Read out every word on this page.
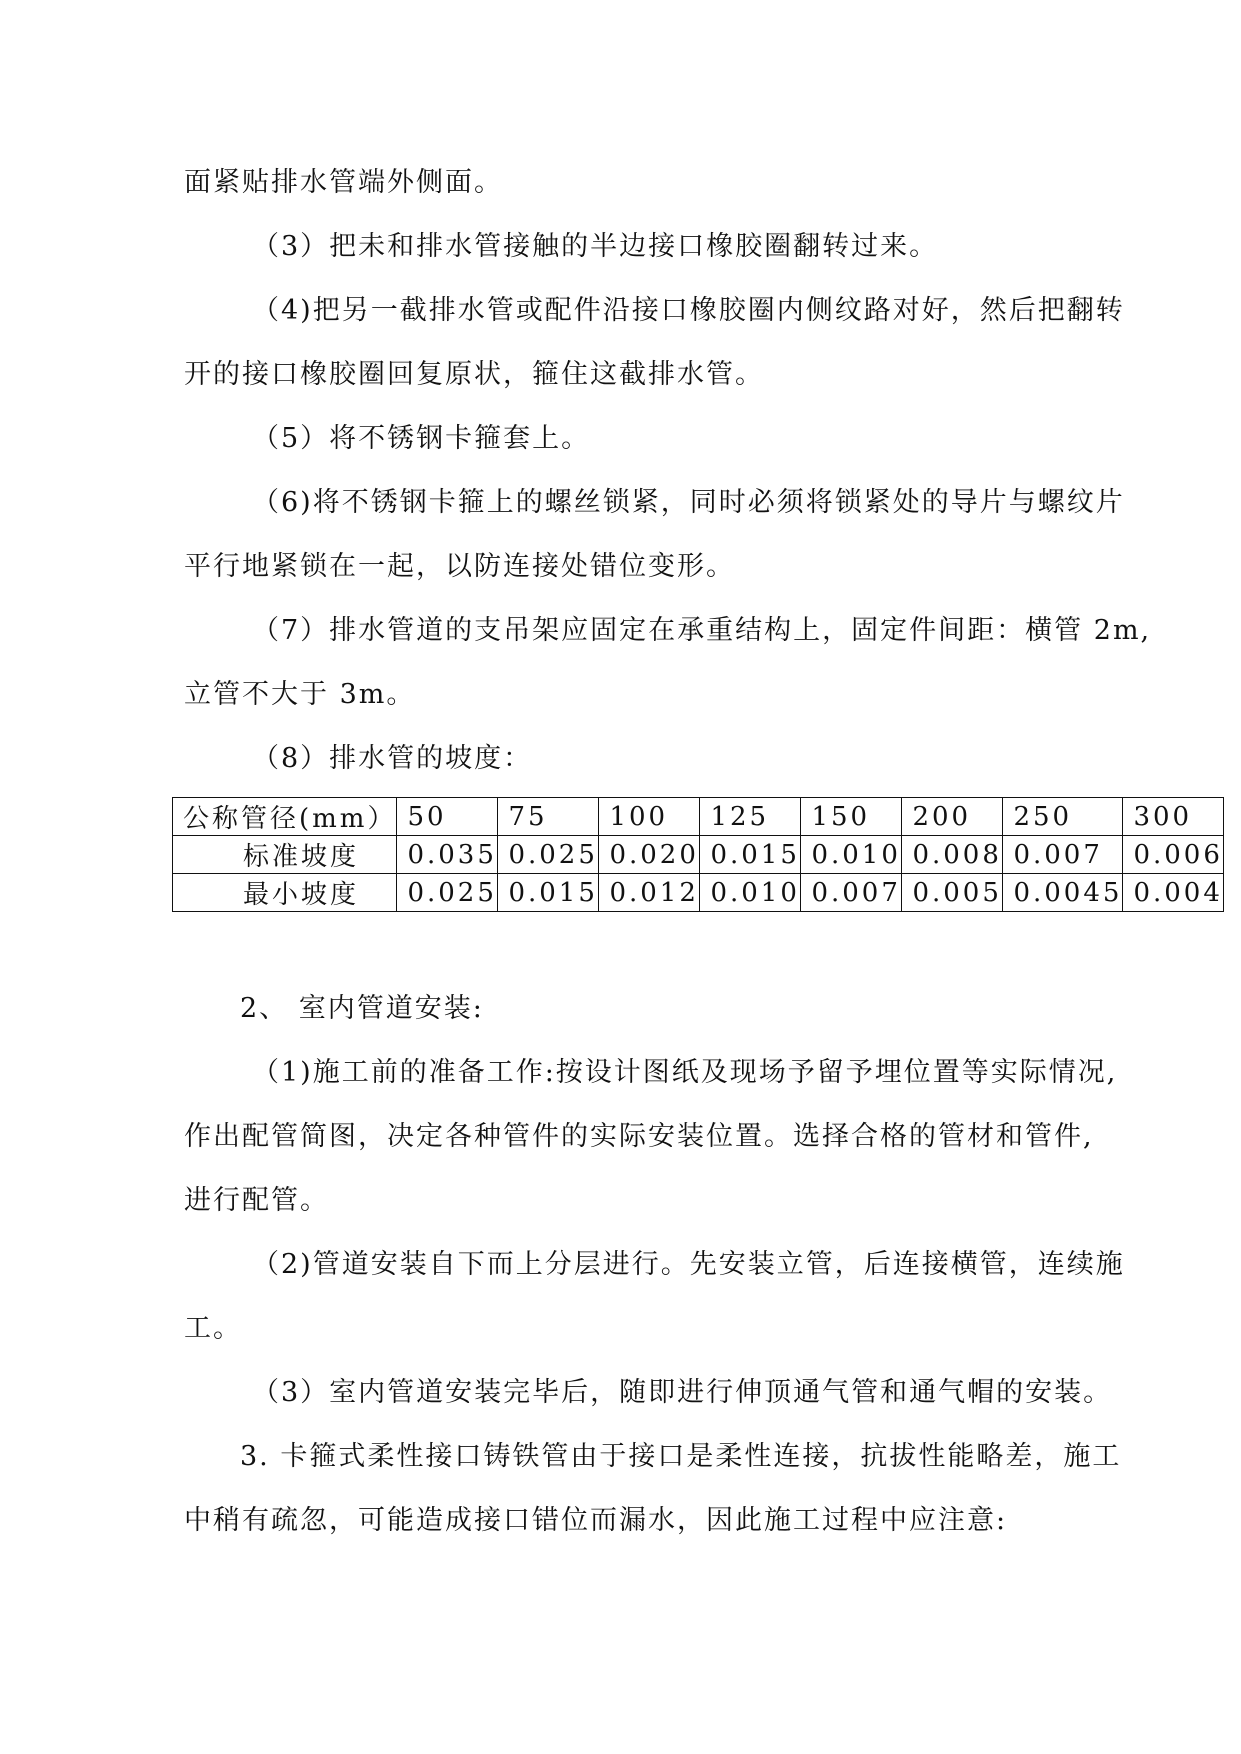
面紧贴排水管端外侧面。
（3）把未和排水管接触的半边接口橡胶圈翻转过来。
（4)把另一截排水管或配件沿接口橡胶圈内侧纹路对好，然后把翻转
开的接口橡胶圈回复原状，箍住这截排水管。
（5）将不锈钢卡箍套上。
（6)将不锈钢卡箍上的螺丝锁紧，同时必须将锁紧处的导片与螺纹片
平行地紧锁在一起，以防连接处错位变形。
（7）排水管道的支吊架应固定在承重结构上，固定件间距：横管 2m,
立管不大于 3m。
（8）排水管的坡度：
公称管径(mm）	50	75	100	125	150	200	250	300
标准坡度	0.035	0.025	0.020	0.015	0.010	0.008	0.007	0.006
最小坡度	0.025	0.015	0.012	0.010	0.007	0.005	0.0045	0.004
2、 室内管道安装:
（1)施工前的准备工作:按设计图纸及现场予留予埋位置等实际情况,
作出配管简图，决定各种管件的实际安装位置。选择合格的管材和管件,
进行配管。
（2)管道安装自下而上分层进行。先安装立管，后连接横管，连续施
工。
（3）室内管道安装完毕后，随即进行伸顶通气管和通气帽的安装。
3. 卡箍式柔性接口铸铁管由于接口是柔性连接，抗拔性能略差，施工
中稍有疏忽，可能造成接口错位而漏水，因此施工过程中应注意:
